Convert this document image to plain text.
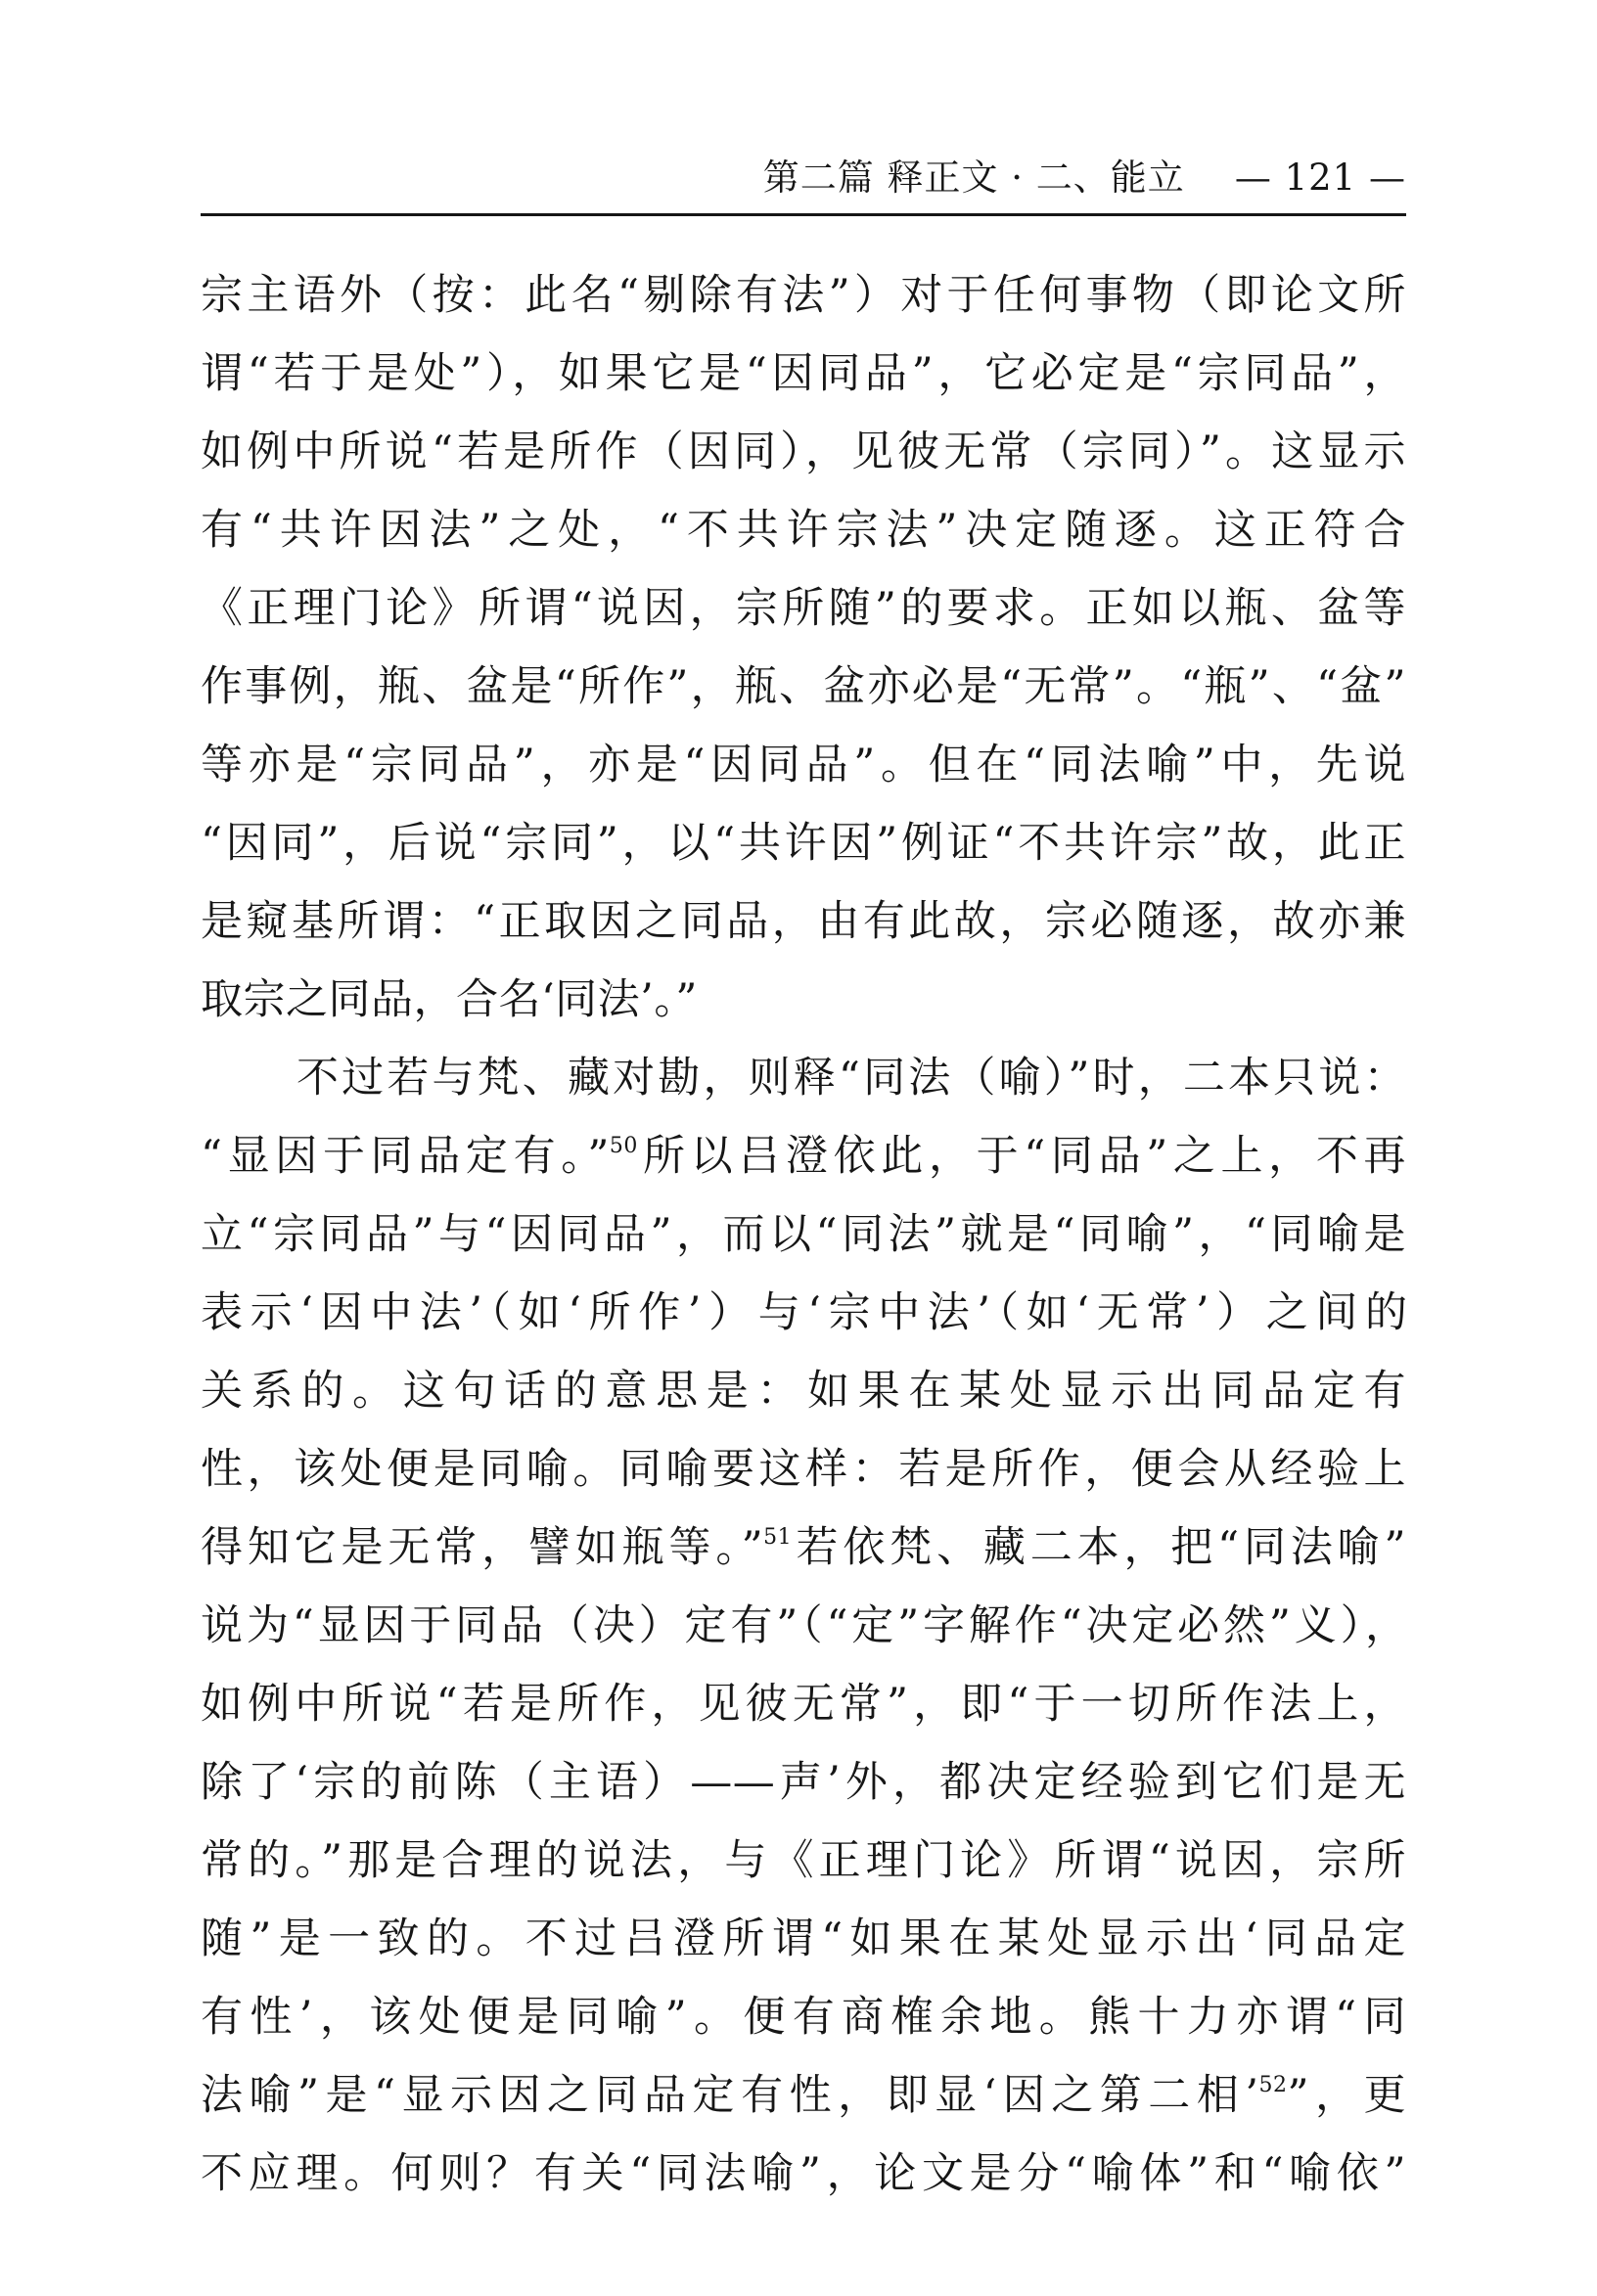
第二篇 释正文 · 二、能立 — 121 —
宗主语外（按：此名“剔除有法”）对于任何事物（即论文所
谓“若于是处”），如果它是“因同品”，它必定是“宗同品”，
如例中所说“若是所作（因同），见彼无常（宗同）”。这显示
有“共许因法”之处，“不共许宗法”决定随逐。这正符合
《正理门论》所谓“说因，宗所随”的要求。正如以瓶、盆等
作事例，瓶、盆是“所作”，瓶、盆亦必是“无常”。“瓶”、“盆”
等亦是“宗同品”，亦是“因同品”。但在“同法喻”中，先说
“因同”，后说“宗同”，以“共许因”例证“不共许宗”故，此正
是窥基所谓：“正取因之同品，由有此故，宗必随逐，故亦兼
取宗之同品，合名‘同法’。”
不过若与梵、藏对勘，则释“同法（喻）”时，二本只说：
“显因于同品定有。”$^{50}$所以吕澄依此，于“同品”之上，不再
立“宗同品”与“因同品”，而以“同法”就是“同喻”，“同喻是
表示‘因中法’（如‘所作’）与‘宗中法’（如‘无常’）之间的
关系的。这句话的意思是：如果在某处显示出同品定有
性，该处便是同喻。同喻要这样：若是所作，便会从经验上
得知它是无常，譬如瓶等。”$^{51}$若依梵、藏二本，把“同法喻”
说为“显因于同品（决）定有”（“定”字解作“决定必然”义），
如例中所说“若是所作，见彼无常”，即“于一切所作法上，
除了‘宗的前陈（主语）——声’外，都决定经验到它们是无
常的。”那是合理的说法，与《正理门论》所谓“说因，宗所
随”是一致的。不过吕澄所谓“如果在某处显示出‘同品定
有性’，该处便是同喻”。便有商榷余地。熊十力亦谓“同
法喻”是“显示因之同品定有性，即显‘因之第二相’$^{52}$”，更
不应理。何则？有关“同法喻”，论文是分“喻体”和“喻依”
